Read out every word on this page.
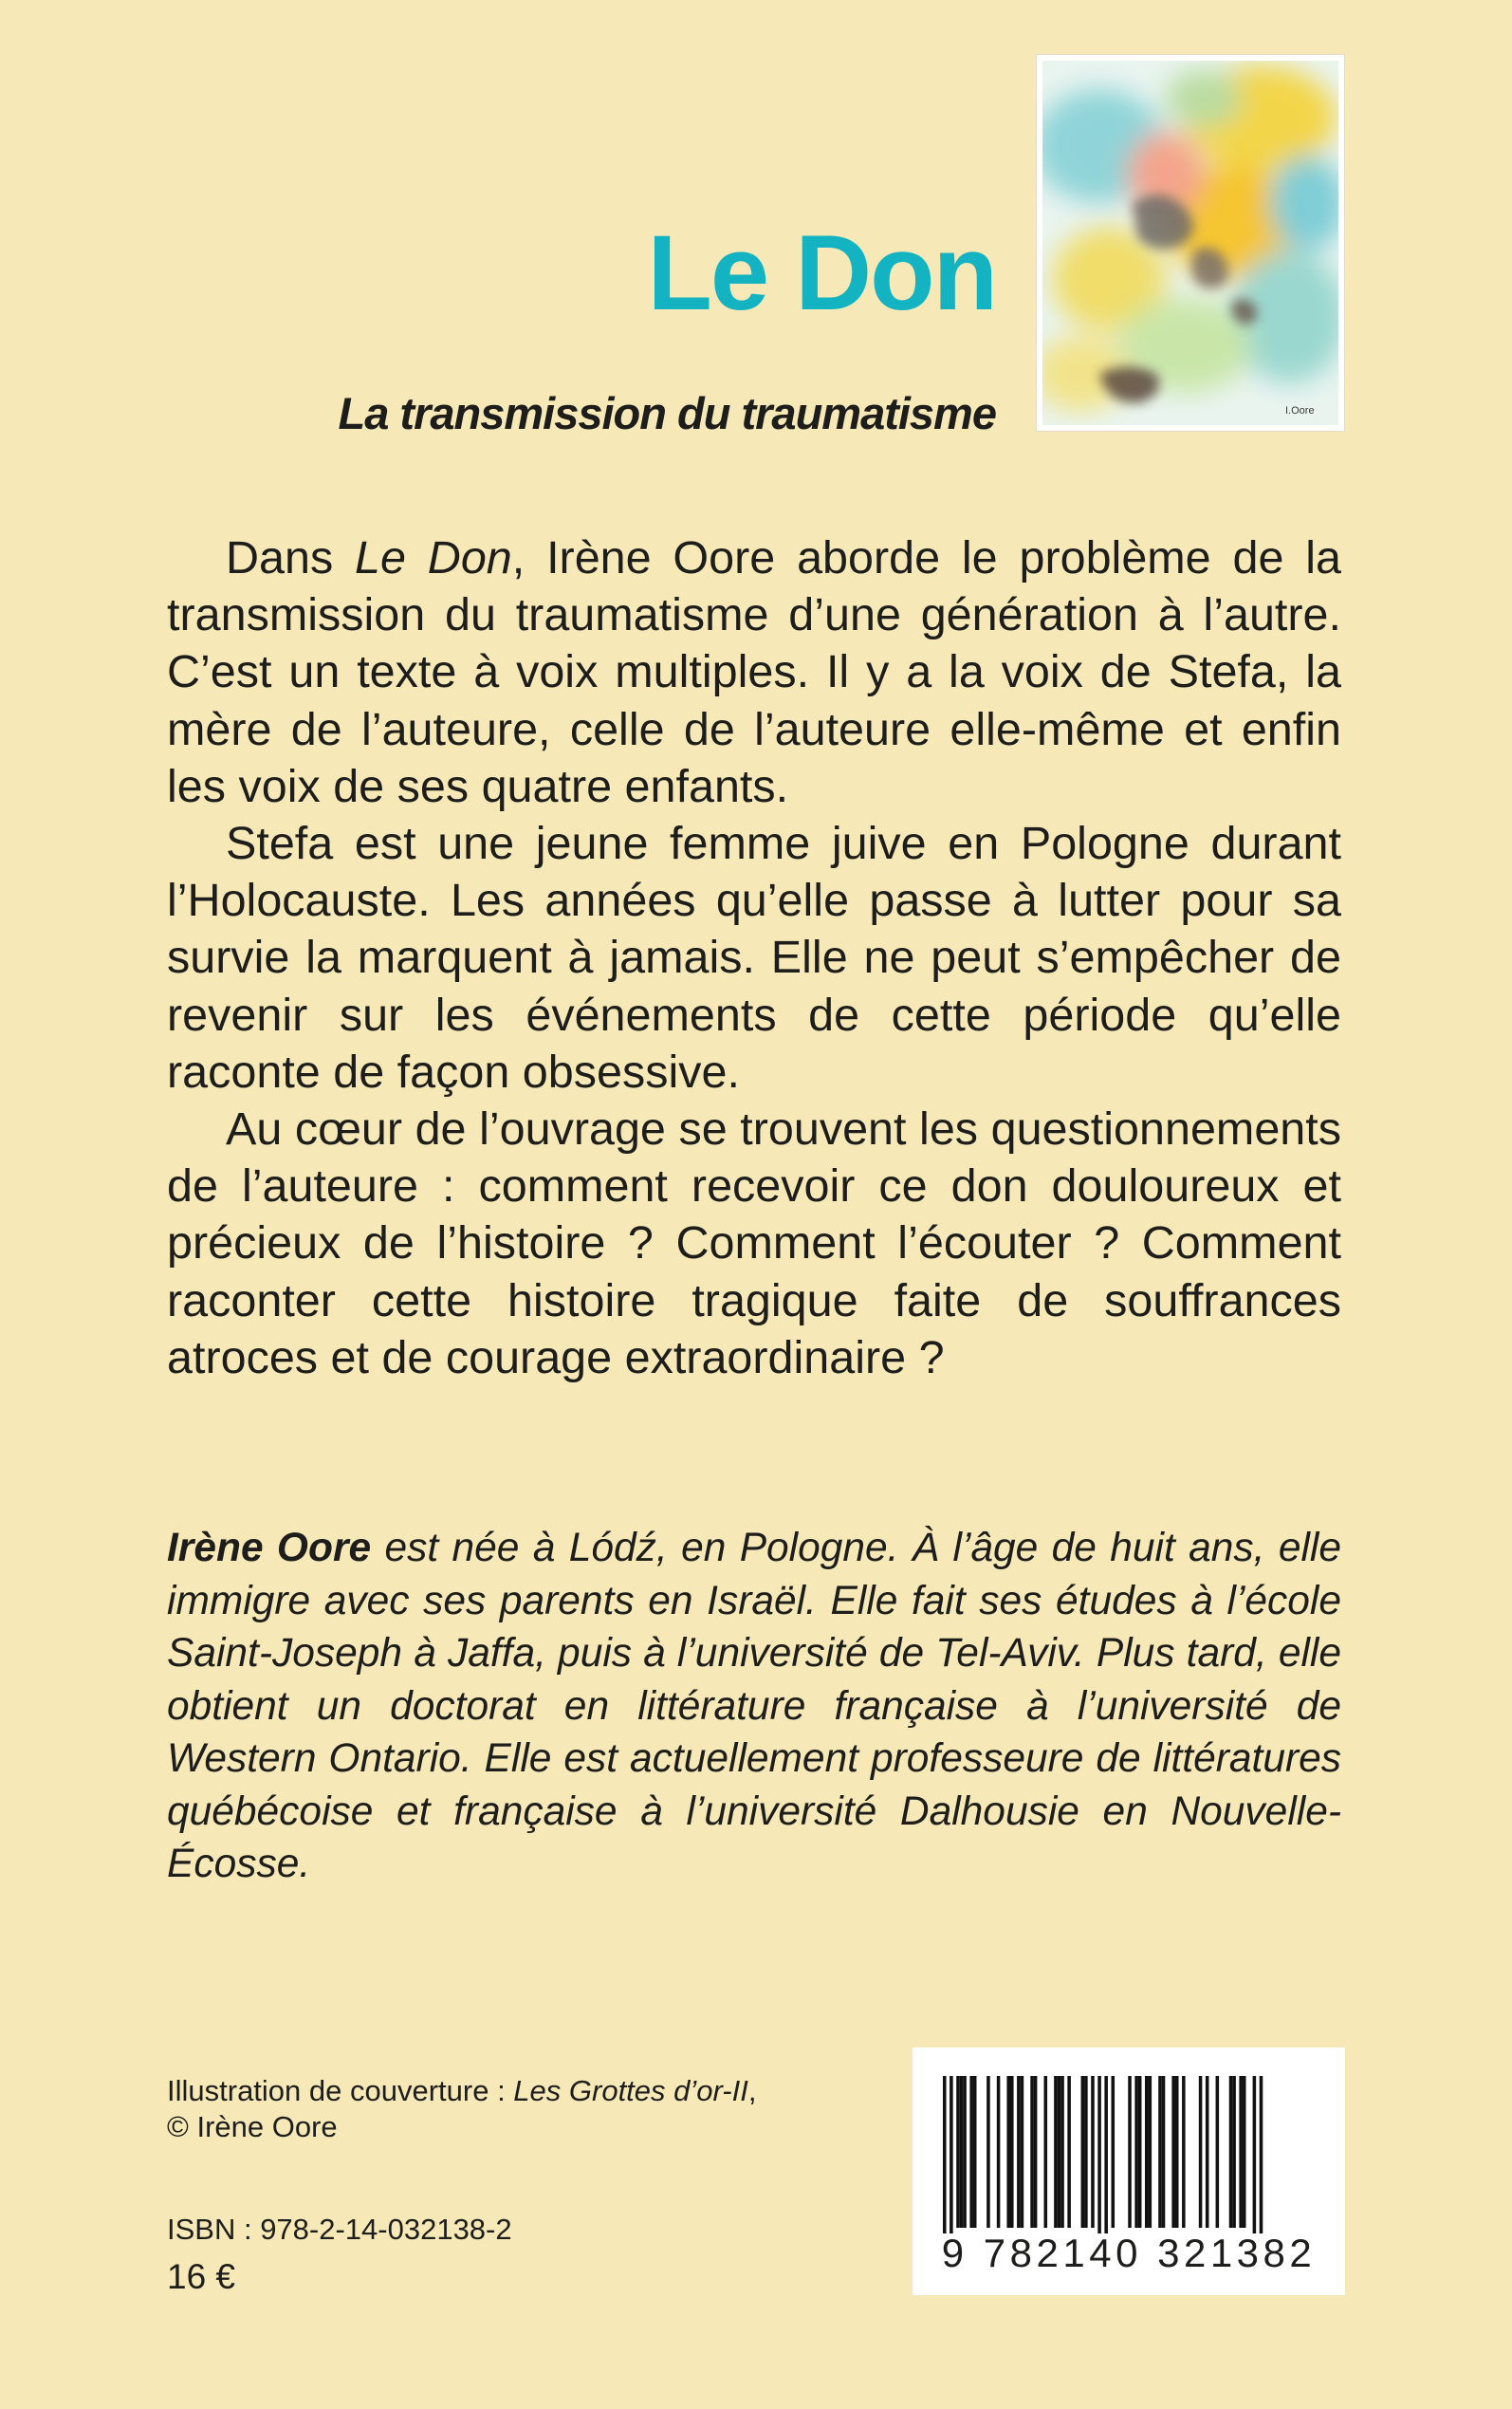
I.Oore
Le Don
La transmission du traumatisme

Dans Le Don, Irène Oore aborde le problème de la transmission du traumatisme d’une génération à l’autre. C’est un texte à voix multiples. Il y a la voix de Stefa, la mère de l’auteure, celle de l’auteure elle-même et enfin les voix de ses quatre enfants.

Stefa est une jeune femme juive en Pologne durant l’Holocauste. Les années qu’elle passe à lutter pour sa survie la marquent à jamais. Elle ne peut s’empêcher de revenir sur les événements de cette période qu’elle raconte de façon obsessive.

Au cœur de l’ouvrage se trouvent les questionnements de l’auteure : comment recevoir ce don douloureux et précieux de l’histoire ? Comment l’écouter ? Comment raconter cette histoire tragique faite de souffrances atroces et de courage extraordinaire ?

Irène Oore est née à Lódź, en Pologne. À l’âge de huit ans, elle immigre avec ses parents en Israël. Elle fait ses études à l’école Saint-Joseph à Jaffa, puis à l’université de Tel-Aviv. Plus tard, elle obtient un doctorat en littérature française à l’université de Western Ontario. Elle est actuellement professeure de littératures québécoise et française à l’université Dalhousie en Nouvelle-Écosse.
Illustration de couverture : Les Grottes d’or-II,
© Irène Oore
ISBN : 978-2-14-032138-2
16 €
9 782140 321382
